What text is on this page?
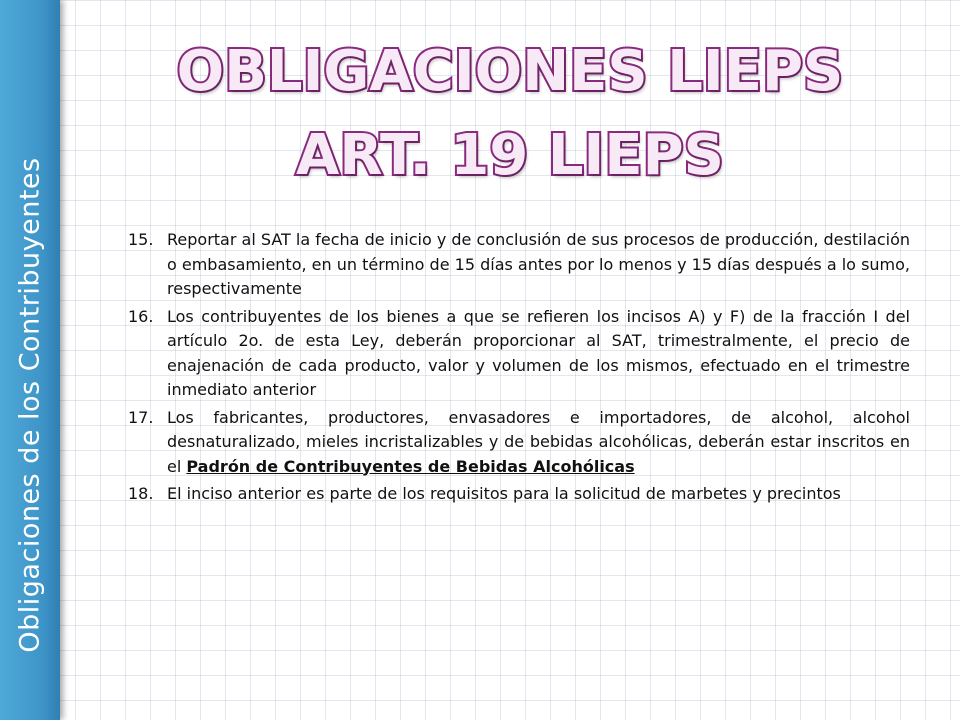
Obligaciones de los Contribuyentes
OBLIGACIONES LIEPS
ART. 19 LIEPS
15. Reportar al SAT la fecha de inicio y de conclusión de sus procesos de producción, destilación o embasamiento, en un término de 15 días antes por lo menos y 15 días después a lo sumo, respectivamente
16. Los contribuyentes de los bienes a que se refieren los incisos A) y F) de la fracción I del artículo 2o. de esta Ley, deberán proporcionar al SAT, trimestralmente, el precio de enajenación de cada producto, valor y volumen de los mismos, efectuado en el trimestre inmediato anterior
17. Los fabricantes, productores, envasadores e importadores, de alcohol, alcohol desnaturalizado, mieles incristalizables y de bebidas alcohólicas, deberán estar inscritos en el Padrón de Contribuyentes de Bebidas Alcohólicas
18. El inciso anterior es parte de los requisitos para la solicitud de marbetes y precintos
